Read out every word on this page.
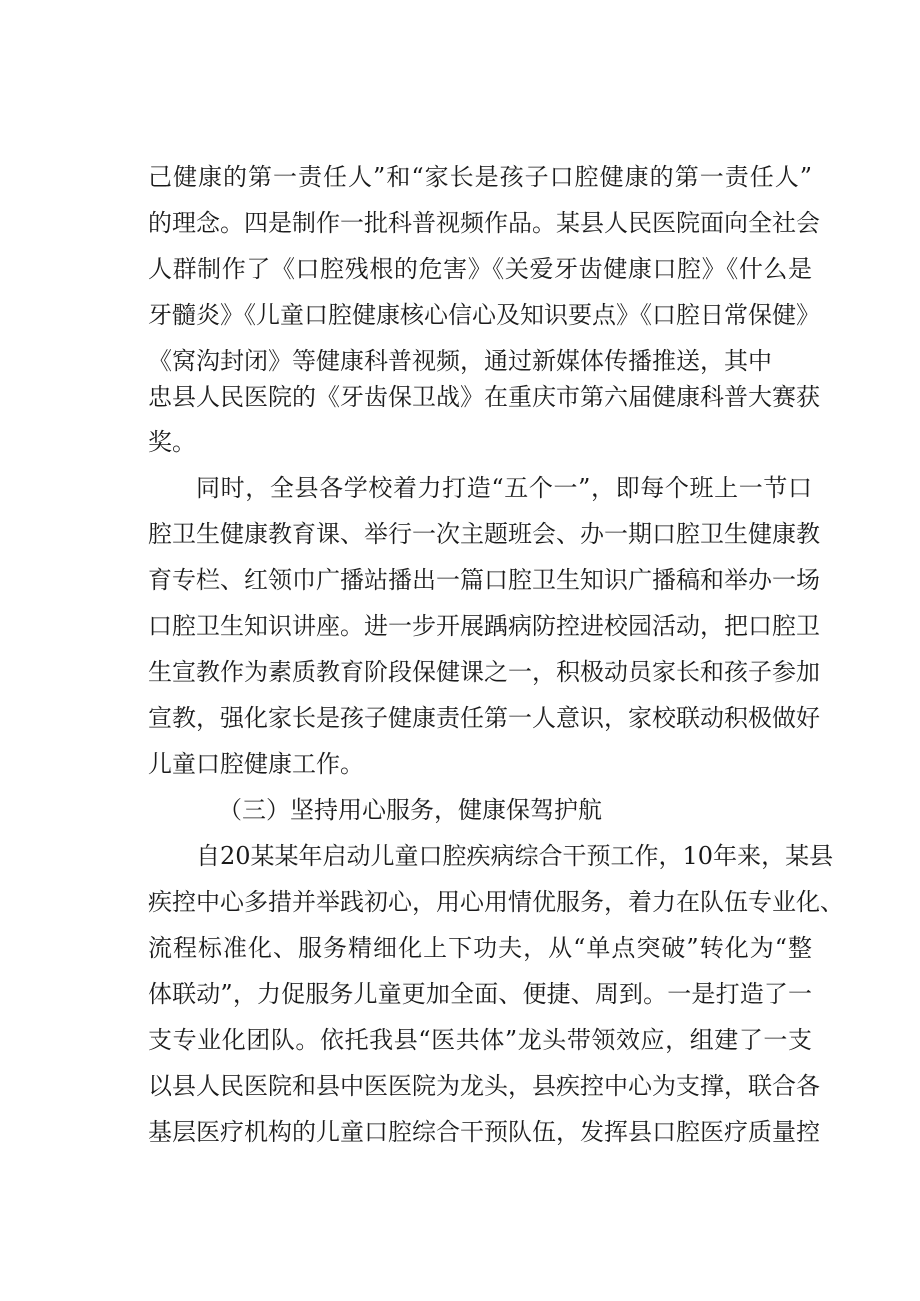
己健康的第一责任人”和“家长是孩子口腔健康的第一责任人”
的理念。四是制作一批科普视频作品。某县人民医院面向全社会
人群制作了《口腔残根的危害》《关爱牙齿健康口腔》《什么是
牙髓炎》《儿童口腔健康核心信心及知识要点》《口腔日常保健》
《窝沟封闭》等健康科普视频，通过新媒体传播推送，其中
忠县人民医院的《牙齿保卫战》在重庆市第六届健康科普大赛获
奖。
同时，全县各学校着力打造“五个一”，即每个班上一节口
腔卫生健康教育课、举行一次主题班会、办一期口腔卫生健康教
育专栏、红领巾广播站播出一篇口腔卫生知识广播稿和举办一场
口腔卫生知识讲座。进一步开展踽病防控进校园活动，把口腔卫
生宣教作为素质教育阶段保健课之一，积极动员家长和孩子参加
宣教，强化家长是孩子健康责任第一人意识，家校联动积极做好
儿童口腔健康工作。
（三）坚持用心服务，健康保驾护航
自20某某年启动儿童口腔疾病综合干预工作，10年来，某县
疾控中心多措并举践初心，用心用情优服务，着力在队伍专业化、
流程标准化、服务精细化上下功夫，从“单点突破”转化为“整
体联动”，力促服务儿童更加全面、便捷、周到。一是打造了一
支专业化团队。依托我县“医共体”龙头带领效应，组建了一支
以县人民医院和县中医医院为龙头，县疾控中心为支撑，联合各
基层医疗机构的儿童口腔综合干预队伍，发挥县口腔医疗质量控
